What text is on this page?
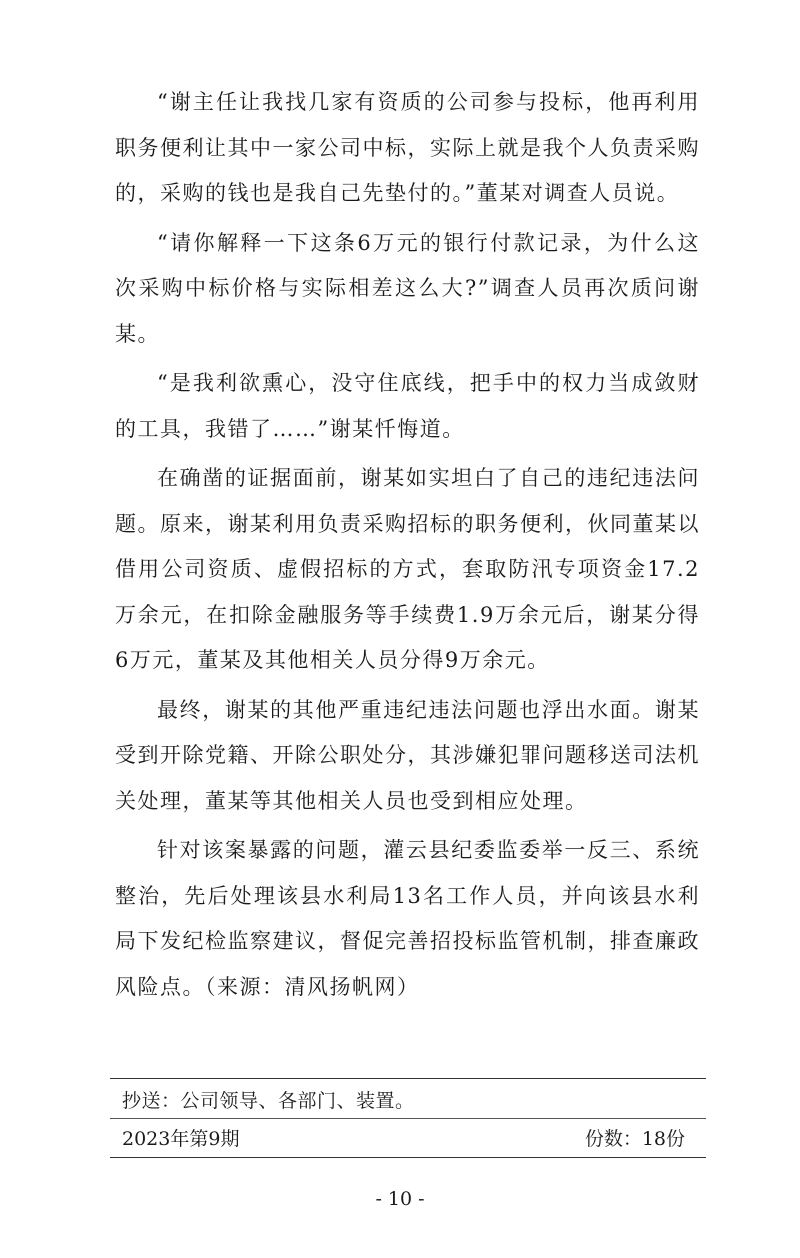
“谢主任让我找几家有资质的公司参与投标，他再利用职务便利让其中一家公司中标，实际上就是我个人负责采购的，采购的钱也是我自己先垫付的。”董某对调查人员说。

“请你解释一下这条6万元的银行付款记录，为什么这次采购中标价格与实际相差这么大?”调查人员再次质问谢某。

“是我利欲熏心，没守住底线，把手中的权力当成敛财的工具，我错了……”谢某忏悔道。

在确凿的证据面前，谢某如实坦白了自己的违纪违法问题。原来，谢某利用负责采购招标的职务便利，伙同董某以借用公司资质、虚假招标的方式，套取防汛专项资金17.2万余元，在扣除金融服务等手续费1.9万余元后，谢某分得6万元，董某及其他相关人员分得9万余元。

最终，谢某的其他严重违纪违法问题也浮出水面。谢某受到开除党籍、开除公职处分，其涉嫌犯罪问题移送司法机关处理，董某等其他相关人员也受到相应处理。

针对该案暴露的问题，灌云县纪委监委举一反三、系统整治，先后处理该县水利局13名工作人员，并向该县水利局下发纪检监察建议，督促完善招投标监管机制，排查廉政风险点。（来源：清风扬帆网）

抄送：公司领导、各部门、装置。
2023年第9期	份数：18份
- 10 -
